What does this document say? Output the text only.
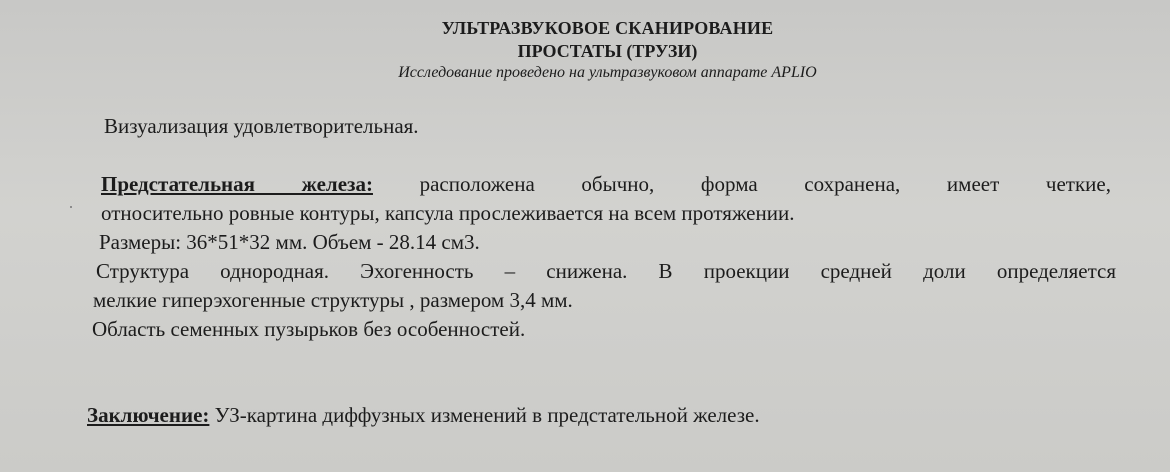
УЛЬТРАЗВУКОВОЕ СКАНИРОВАНИЕ
ПРОСТАТЫ (ТРУЗИ)
Исследование проведено на ультразвуковом аппарате APLIO
Визуализация удовлетворительная.
Предстательная железа: расположена обычно, форма сохранена, имеет четкие,
относительно ровные контуры, капсула прослеживается на всем протяжении.
Размеры: 36*51*32 мм. Объем - 28.14 см3.
Структура однородная. Эхогенность – снижена. В проекции средней доли определяется
мелкие гиперэхогенные структуры , размером 3,4 мм.
Область семенных пузырьков без особенностей.
Заключение: УЗ-картина диффузных изменений в предстательной железе.
